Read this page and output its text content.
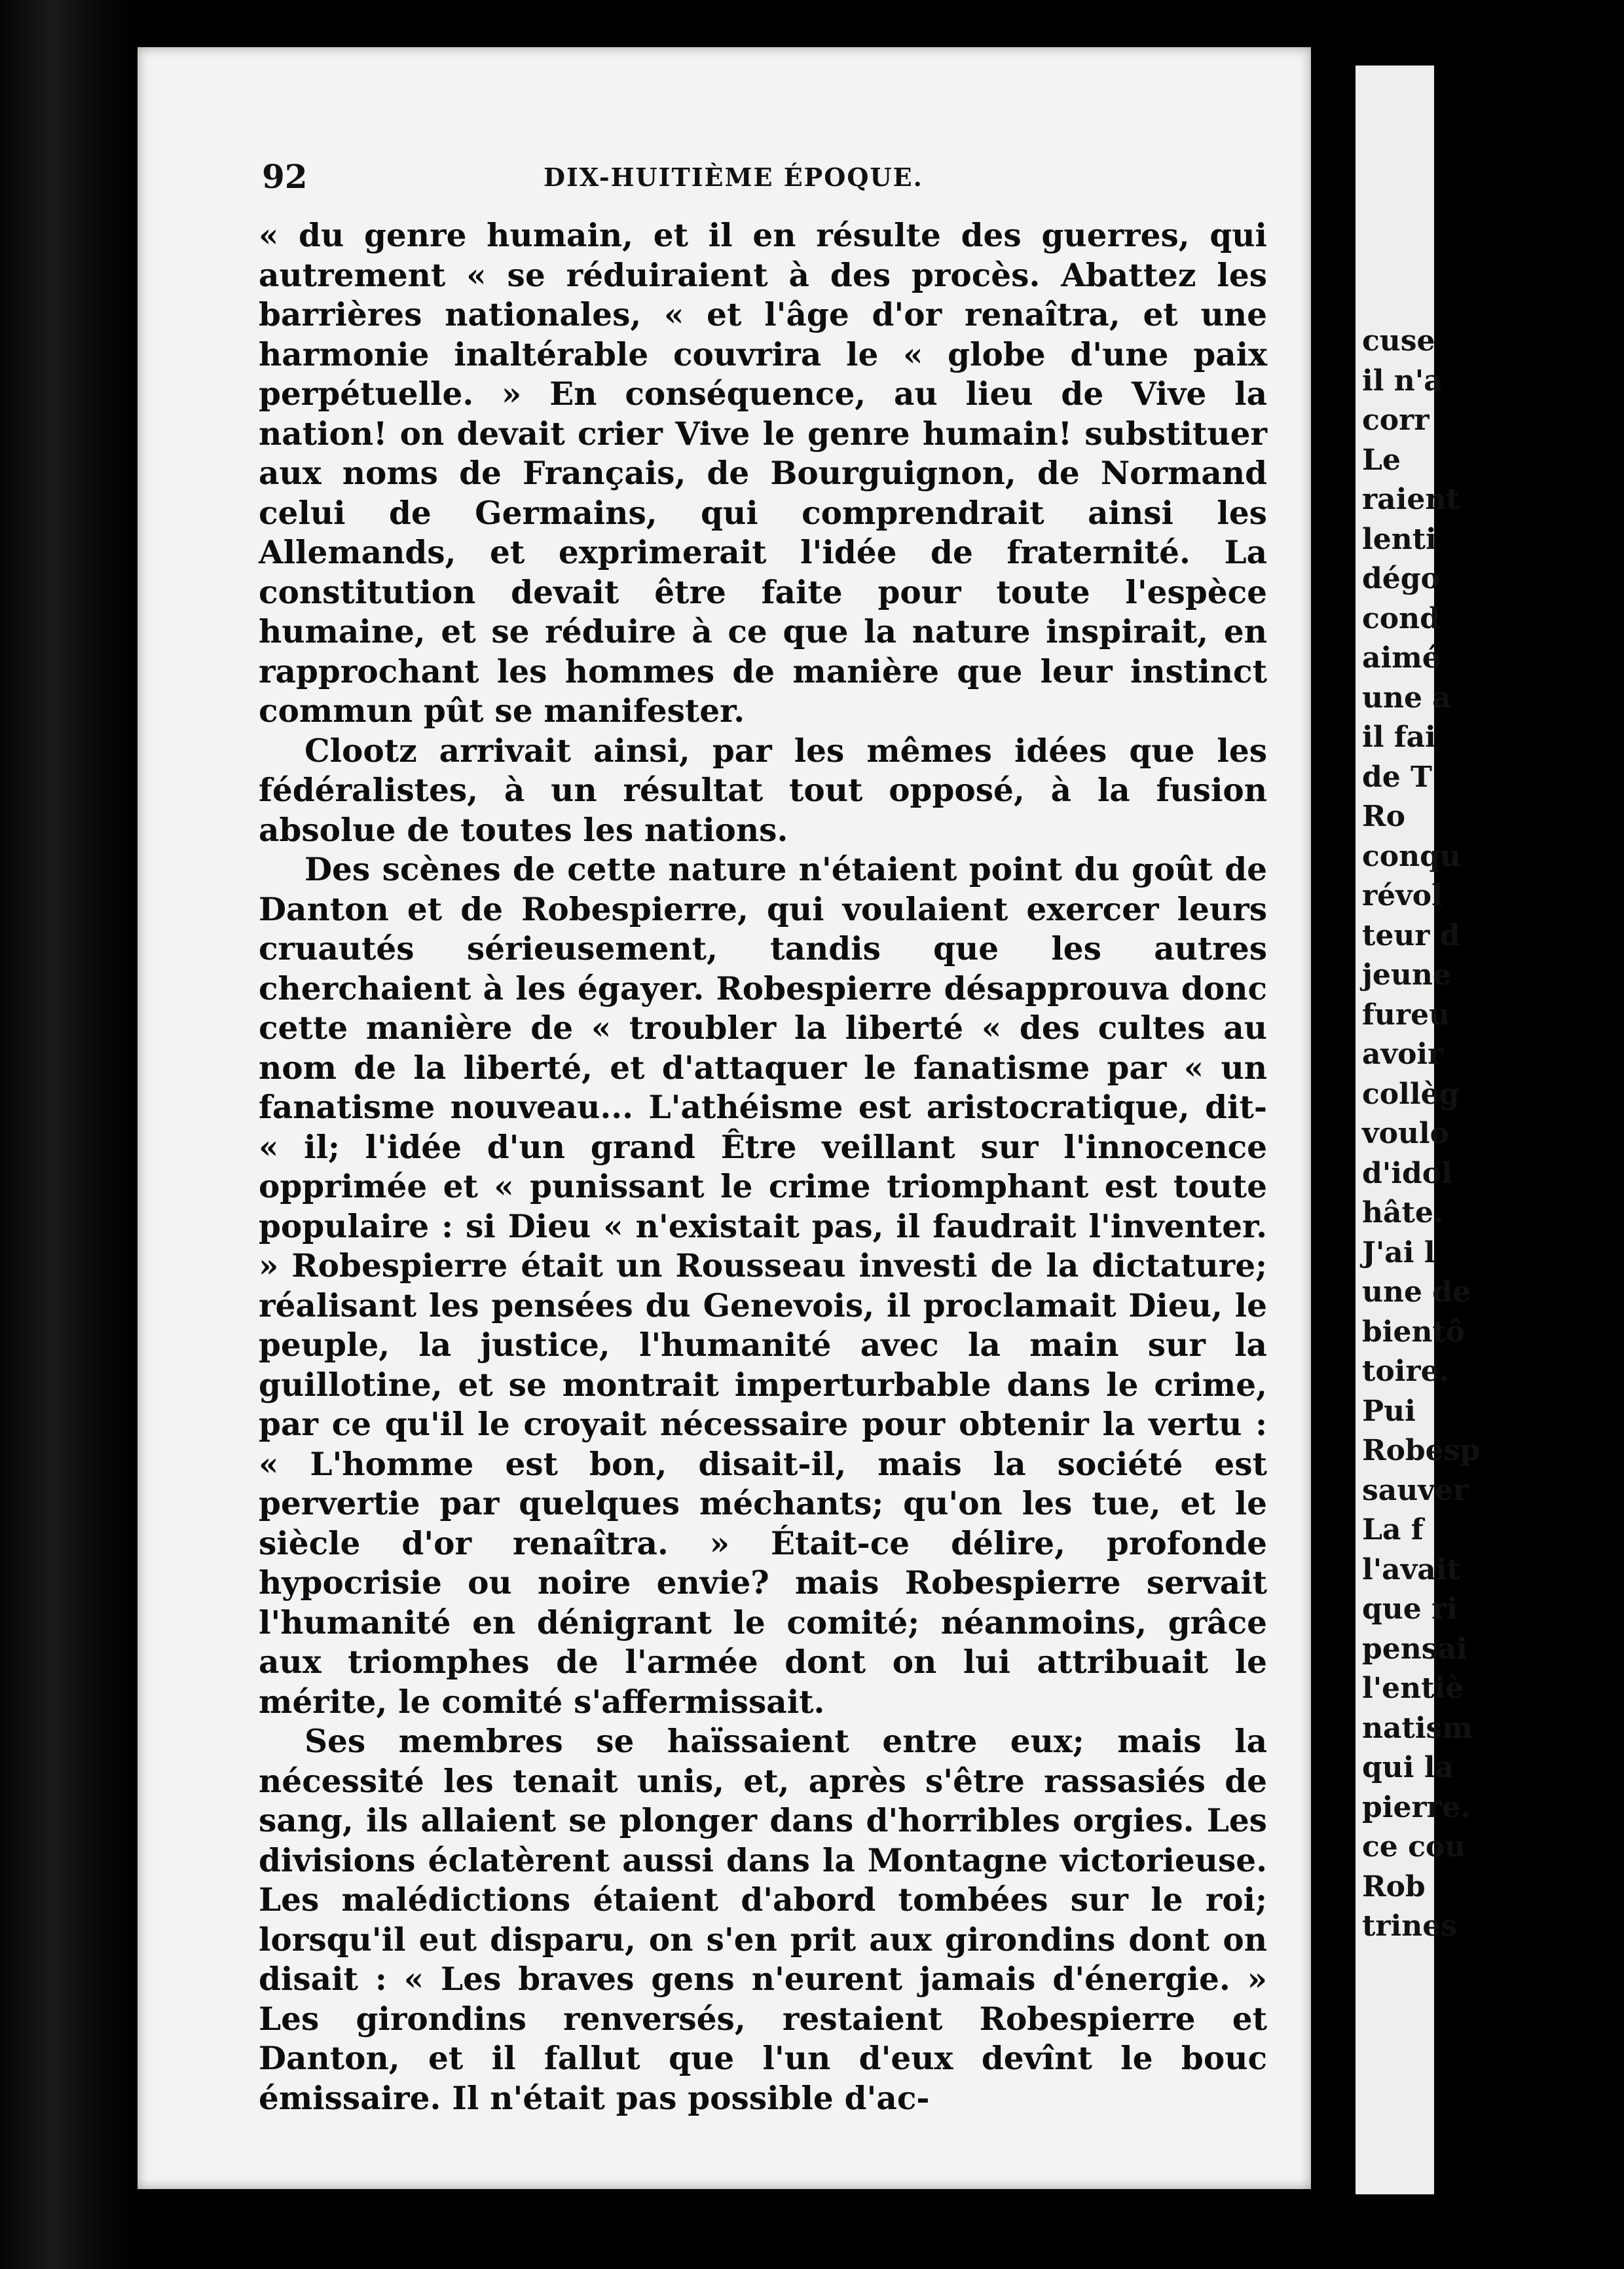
92	DIX-HUITIÈME ÉPOQUE.

« du genre humain, et il en résulte des guerres, qui autrement « se réduiraient à des procès. Abattez les barrières nationales, « et l'âge d'or renaîtra, et une harmonie inaltérable couvrira le « globe d'une paix perpétuelle. » En conséquence, au lieu de Vive la nation! on devait crier Vive le genre humain! substituer aux noms de Français, de Bourguignon, de Normand celui de Germains, qui comprendrait ainsi les Allemands, et exprimerait l'idée de fraternité. La constitution devait être faite pour toute l'espèce humaine, et se réduire à ce que la nature inspirait, en rapprochant les hommes de manière que leur instinct commun pût se manifester.

Clootz arrivait ainsi, par les mêmes idées que les fédéralistes, à un résultat tout opposé, à la fusion absolue de toutes les nations.

Des scènes de cette nature n'étaient point du goût de Danton et de Robespierre, qui voulaient exercer leurs cruautés sérieusement, tandis que les autres cherchaient à les égayer. Robespierre désapprouva donc cette manière de « troubler la liberté « des cultes au nom de la liberté, et d'attaquer le fanatisme par « un fanatisme nouveau... L'athéisme est aristocratique, dit- « il; l'idée d'un grand Être veillant sur l'innocence opprimée et « punissant le crime triomphant est toute populaire : si Dieu « n'existait pas, il faudrait l'inventer. » Robespierre était un Rousseau investi de la dictature; réalisant les pensées du Genevois, il proclamait Dieu, le peuple, la justice, l'humanité avec la main sur la guillotine, et se montrait imperturbable dans le crime, par ce qu'il le croyait nécessaire pour obtenir la vertu : « L'homme est bon, disait-il, mais la société est pervertie par quelques méchants; qu'on les tue, et le siècle d'or renaîtra. » Était-ce délire, profonde hypocrisie ou noire envie? mais Robespierre servait l'humanité en dénigrant le comité; néanmoins, grâce aux triomphes de l'armée dont on lui attribuait le mérite, le comité s'affermissait.

Ses membres se haïssaient entre eux; mais la nécessité les tenait unis, et, après s'être rassasiés de sang, ils allaient se plonger dans d'horribles orgies. Les divisions éclatèrent aussi dans la Montagne victorieuse. Les malédictions étaient d'abord tombées sur le roi; lorsqu'il eut disparu, on s'en prit aux girondins dont on disait : « Les braves gens n'eurent jamais d'énergie. » Les girondins renversés, restaient Robespierre et Danton, et il fallut que l'un d'eux devînt le bouc émissaire. Il n'était pas possible d'ac-

cuse
il n'a
corr
Le
raient
lenti
dégo
cond
aimé
une a
il fai
de T
Ro
conqu
révol
teur d
jeune
fureu
avoir
collèg
voulo
d'idol
hâte.
J'ai l
une de
bientô
toire.
Pui
Robesp
sauver
La f
l'avait
que ri
pensai
l'entiè
natism
qui la
pierre.
ce cou
Rob
trines
